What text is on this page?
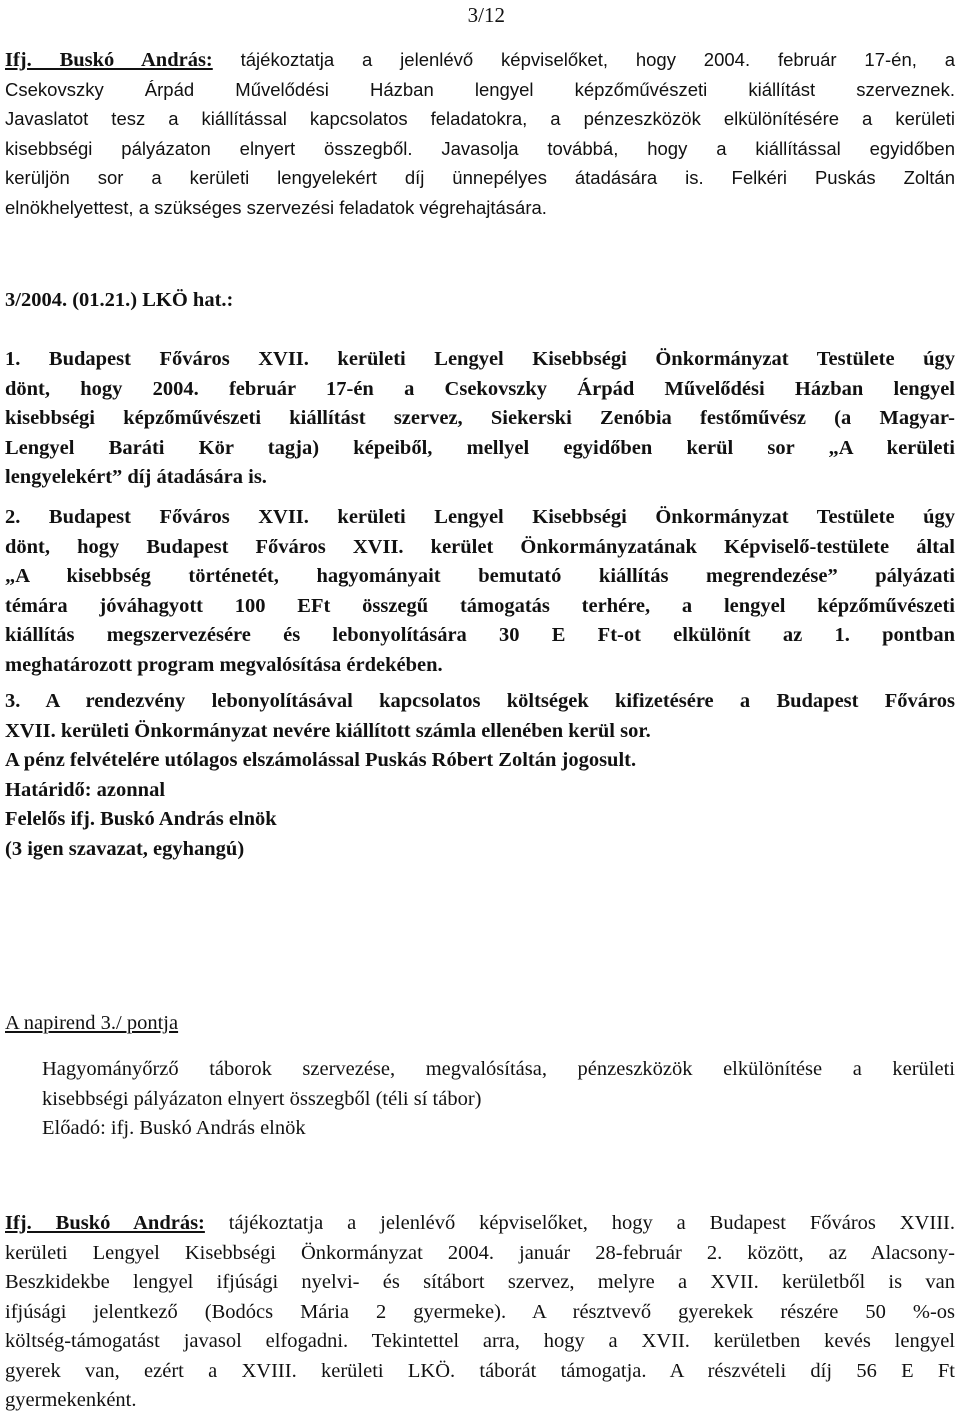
3/12
Ifj. Buskó András: tájékoztatja a jelenlévő képviselőket, hogy 2004. február 17-én, a
Csekovszky Árpád Művelődési Házban lengyel képzőművészeti kiállítást szerveznek.
Javaslatot tesz a kiállítással kapcsolatos feladatokra, a pénzeszközök elkülönítésére a kerületi
kisebbségi pályázaton elnyert összegből. Javasolja továbbá, hogy a kiállítással egyidőben
kerüljön sor a kerületi lengyelekért díj ünnepélyes átadására is. Felkéri Puskás Zoltán
elnökhelyettest, a szükséges szervezési feladatok végrehajtására.
3/2004. (01.21.) LKÖ hat.:
1. Budapest Főváros XVII. kerületi Lengyel Kisebbségi Önkormányzat Testülete úgy
dönt, hogy 2004. február 17-én a Csekovszky Árpád Művelődési Házban lengyel
kisebbségi képzőművészeti kiállítást szervez, Siekerski Zenóbia festőművész (a Magyar-
Lengyel Baráti Kör tagja) képeiből, mellyel egyidőben kerül sor „A kerületi
lengyelekért” díj átadására is.
2. Budapest Főváros XVII. kerületi Lengyel Kisebbségi Önkormányzat Testülete úgy
dönt, hogy Budapest Főváros XVII. kerület Önkormányzatának Képviselő-testülete által
„A kisebbség történetét, hagyományait bemutató kiállítás megrendezése” pályázati
témára jóváhagyott 100 EFt összegű támogatás terhére, a lengyel képzőművészeti
kiállítás megszervezésére és lebonyolítására 30 E Ft-ot elkülönít az 1. pontban
meghatározott program megvalósítása érdekében.
3. A rendezvény lebonyolításával kapcsolatos költségek kifizetésére a Budapest Főváros
XVII. kerületi Önkormányzat nevére kiállított számla ellenében kerül sor.
A pénz felvételére utólagos elszámolással Puskás Róbert Zoltán jogosult.
Határidő: azonnal
Felelős ifj. Buskó András elnök
(3 igen szavazat, egyhangú)
A napirend 3./ pontja
Hagyományőrző táborok szervezése, megvalósítása, pénzeszközök elkülönítése a kerületi
kisebbségi pályázaton elnyert összegből (téli sí tábor)
Előadó: ifj. Buskó András elnök
Ifj. Buskó András: tájékoztatja a jelenlévő képviselőket, hogy a Budapest Főváros XVIII.
kerületi Lengyel Kisebbségi Önkormányzat 2004. január 28-február 2. között, az Alacsony-
Beszkidekbe lengyel ifjúsági nyelvi- és sítábort szervez, melyre a XVII. kerületből is van
ifjúsági jelentkező (Bodócs Mária 2 gyermeke). A résztvevő gyerekek részére 50 %-os
költség-támogatást javasol elfogadni. Tekintettel arra, hogy a XVII. kerületben kevés lengyel
gyerek van, ezért a XVIII. kerületi LKÖ. táborát támogatja. A részvételi díj 56 E Ft
gyermekenként.
